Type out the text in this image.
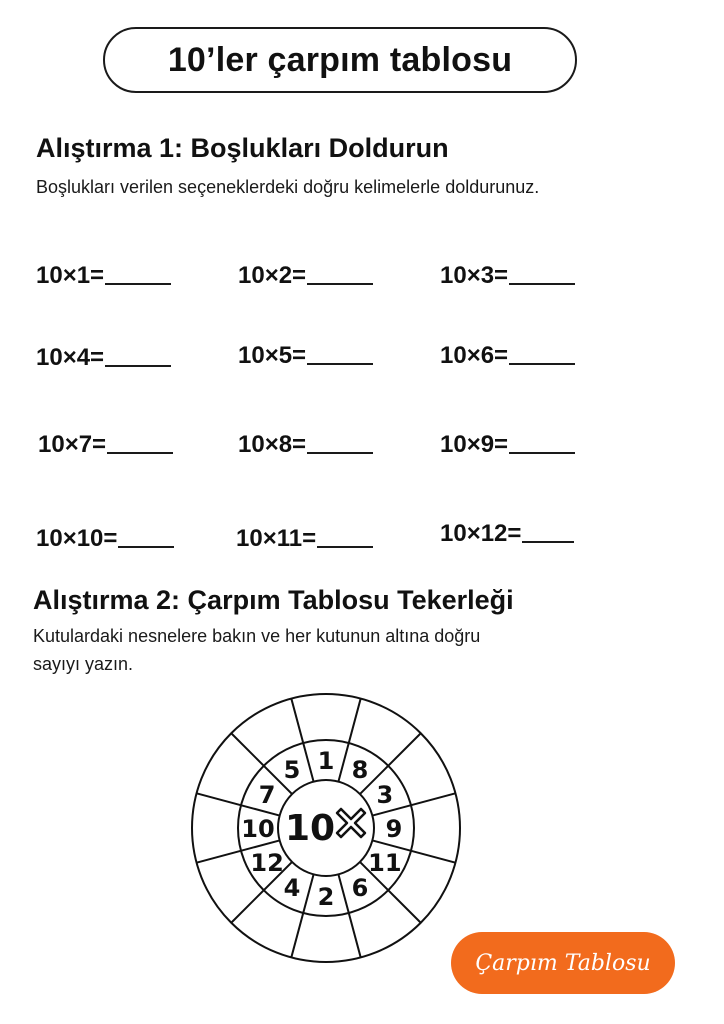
10’ler çarpım tablosu
Alıştırma 1: Boşlukları Doldurun
Boşlukları verilen seçeneklerdeki doğru kelimelerle doldurunuz.
10×1=	10×2=	10×3=
10×4=	10×5=	10×6=
10×7=	10×8=	10×9=
10×10=	10×11=	10×12=
Alıştırma 2: Çarpım Tablosu Tekerleği
Kutulardaki nesnelere bakın ve her kutunun altına doğru
sayıyı yazın.
1 8
3
9
11
6
2
4
12
10
7
5
10
Çarpım Tablosu
